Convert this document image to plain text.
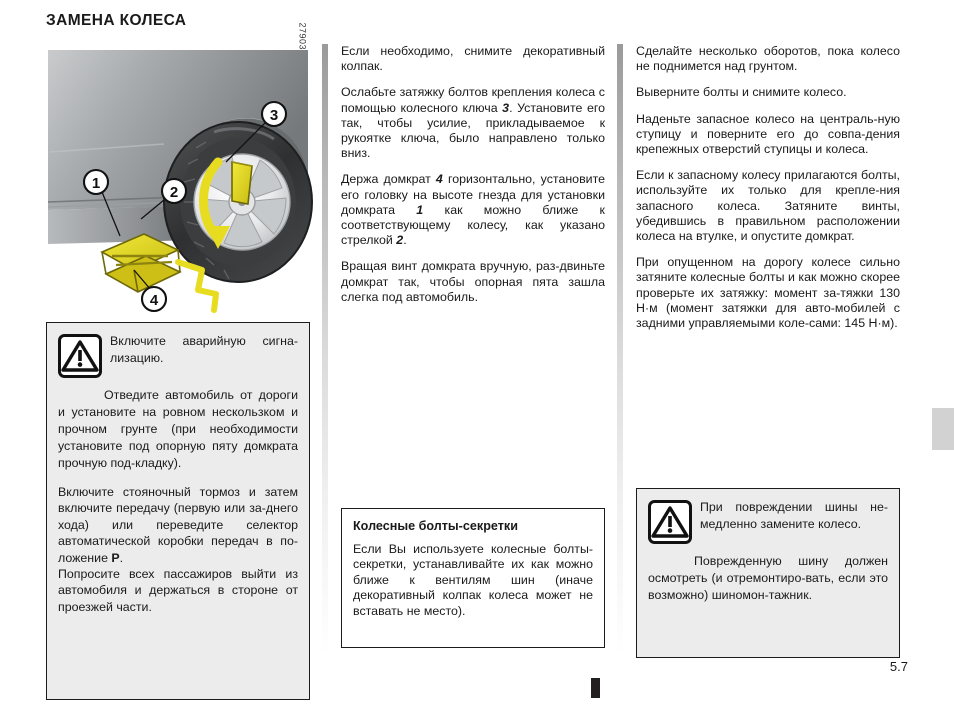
ЗАМЕНА КОЛЕСА
1
2
3
4
27903
Включите аварийную сигна-лизацию.
Отведите автомобиль от дороги и установите на ровном нескользком и прочном грунте (при необходимости установите под опорную пяту домкрата прочную под-кладку).
Включите стояночный тормоз и затем включите передачу (первую или за-днего хода) или переведите селектор автоматической коробки передач в по-ложение P.
Попросите всех пассажиров выйти из автомобиля и держаться в стороне от проезжей части.

Если необходимо, снимите декоративный колпак.

Ослабьте затяжку болтов крепления колеса с помощью колесного ключа 3. Установите его так, чтобы усилие, прикладываемое к рукоятке ключа, было направлено только вниз.

Держа домкрат 4 горизонтально, установите его головку на высоте гнезда для установки домкрата 1 как можно ближе к соответствующему колесу, как указано стрелкой 2.

Вращая винт домкрата вручную, раз-двиньте домкрат так, чтобы опорная пята зашла слегка под автомобиль.

Колесные болты-секретки

Если Вы используете колесные болты-секретки, устанавливайте их как можно ближе к вентилям шин (иначе декоративный колпак колеса может не вставать не место).

Сделайте несколько оборотов, пока колесо не поднимется над грунтом.

Выверните болты и снимите колесо.

Наденьте запасное колесо на централь-ную ступицу и поверните его до совпа-дения крепежных отверстий ступицы и колеса.

Если к запасному колесу прилагаются болты, используйте их только для крепле-ния запасного колеса. Затяните винты, убедившись в правильном расположении колеса на втулке, и опустите домкрат.

При опущенном на дорогу колесе сильно затяните колесные болты и как можно скорее проверьте их затяжку: момент за-тяжки 130 Н·м (момент затяжки для авто-мобилей с задними управляемыми коле-сами: 145 Н·м).

При повреждении шины не-медленно замените колесо.
Поврежденную шину должен осмотреть (и отремонтиро-вать, если это возможно) шиномон-тажник.
5.7
